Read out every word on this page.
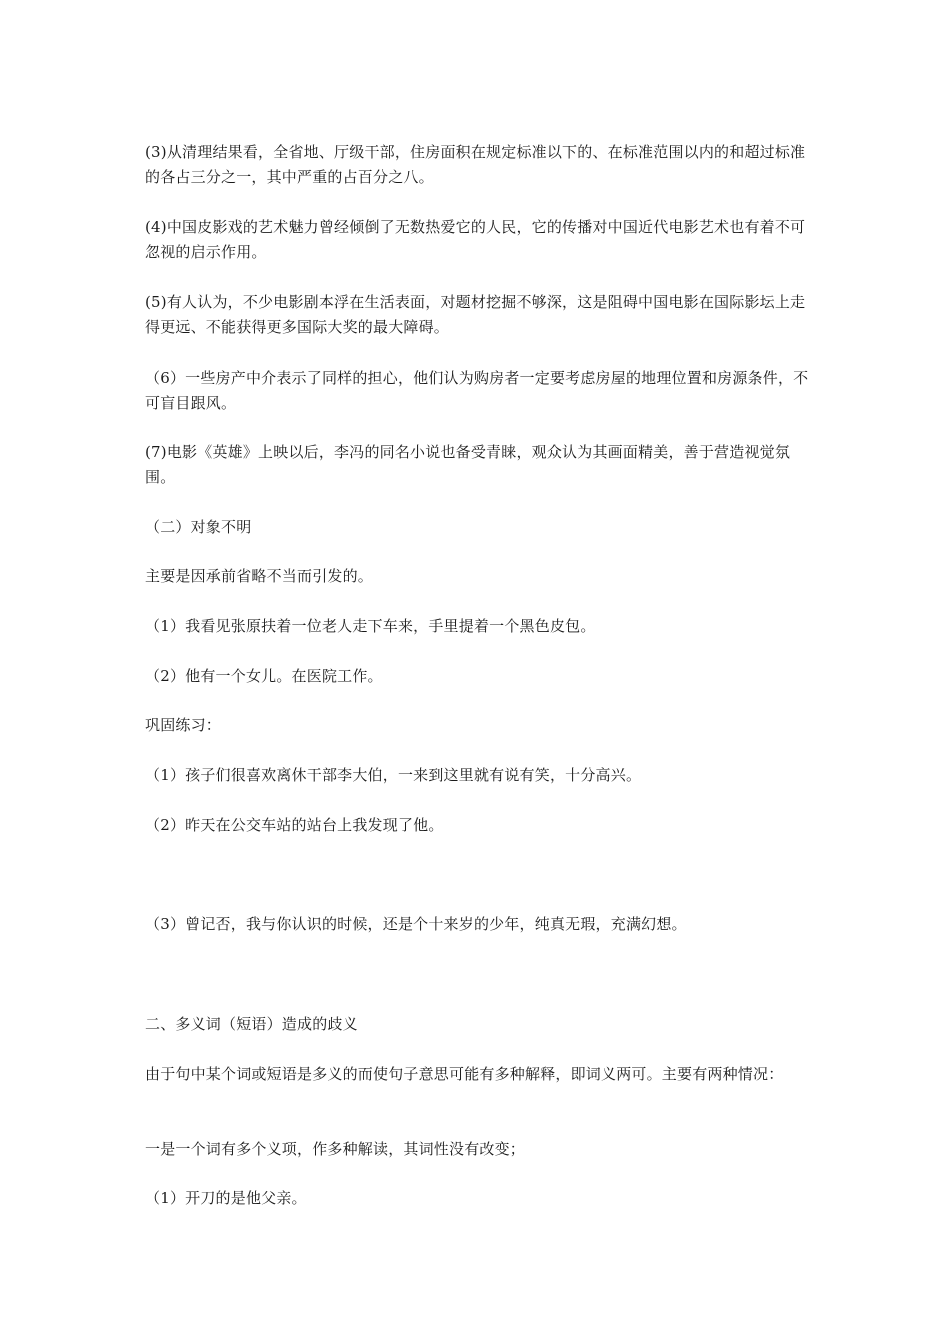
(3)从清理结果看，全省地、厅级干部，住房面积在规定标准以下的、在标准范围以内的和超过标准的各占三分之一，其中严重的占百分之八。

(4)中国皮影戏的艺术魅力曾经倾倒了无数热爱它的人民，它的传播对中国近代电影艺术也有着不可忽视的启示作用。

(5)有人认为，不少电影剧本浮在生活表面，对题材挖掘不够深，这是阻碍中国电影在国际影坛上走得更远、不能获得更多国际大奖的最大障碍。

（6）一些房产中介表示了同样的担心，他们认为购房者一定要考虑房屋的地理位置和房源条件，不可盲目跟风。

(7)电影《英雄》上映以后，李冯的同名小说也备受青睐，观众认为其画面精美，善于营造视觉氛围。

（二）对象不明

主要是因承前省略不当而引发的。

（1）我看见张原扶着一位老人走下车来，手里提着一个黑色皮包。

（2）他有一个女儿。在医院工作。

巩固练习：

（1）孩子们很喜欢离休干部李大伯，一来到这里就有说有笑，十分高兴。

（2）昨天在公交车站的站台上我发现了他。

（3）曾记否，我与你认识的时候，还是个十来岁的少年，纯真无瑕，充满幻想。

二、多义词（短语）造成的歧义

由于句中某个词或短语是多义的而使句子意思可能有多种解释，即词义两可。主要有两种情况：

一是一个词有多个义项，作多种解读，其词性没有改变；

（1）开刀的是他父亲。
